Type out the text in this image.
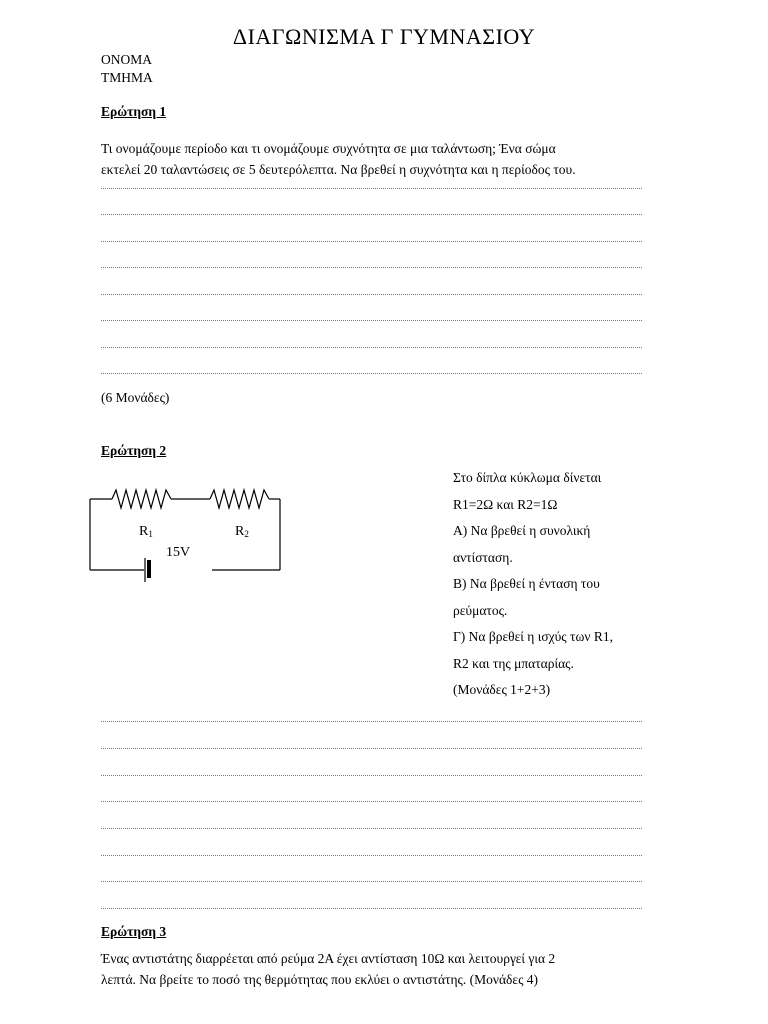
ΔΙΑΓΩΝΙΣΜΑ Γ ΓΥΜΝΑΣΙΟΥ
ΟΝΟΜΑ
ΤΜΗΜΑ
Ερώτηση 1
Τι ονομάζουμε περίοδο και τι ονομάζουμε συχνότητα σε μια ταλάντωση; Ένα σώμα
εκτελεί 20 ταλαντώσεις σε 5 δευτερόλεπτα. Να βρεθεί η συχνότητα και η περίοδος του.
(6 Μονάδες)
Ερώτηση 2
R1	R2
15V

Στο δίπλα κύκλωμα δίνεται

R1=2Ω και R2=1Ω

Α) Να βρεθεί η συνολική

αντίσταση.

Β) Να βρεθεί η ένταση του

ρεύματος.

Γ) Να βρεθεί η ισχύς των R1,

R2 και της μπαταρίας.

(Μονάδες 1+2+3)

Ερώτηση 3
Ένας αντιστάτης διαρρέεται από ρεύμα 2Α έχει αντίσταση 10Ω και λειτουργεί για 2
λεπτά. Να βρείτε το ποσό της θερμότητας που εκλύει ο αντιστάτης. (Μονάδες 4)
